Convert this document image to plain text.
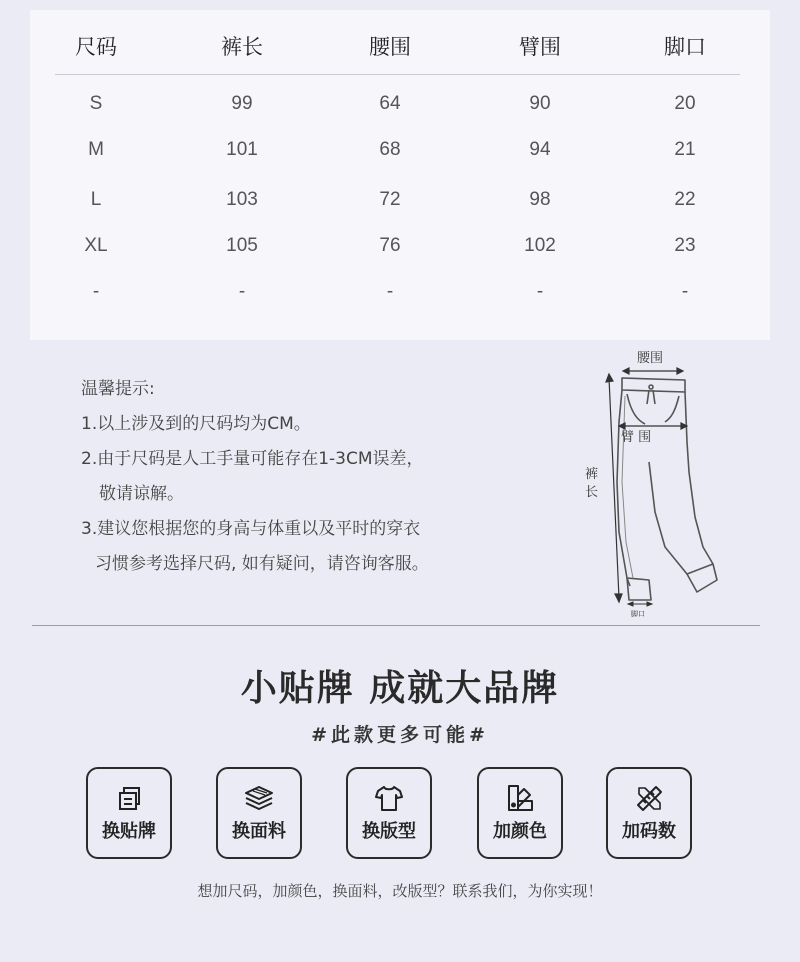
尺码	裤长	腰围	臂围	脚口
S	99	64	90	20
M	101	68	94	21
L	103	72	98	22
XL	105	76	102	23
-	-	-	-	-
温馨提示:
1.以上涉及到的尺码均为CM。
2.由于尺码是人工手量可能存在1-3CM误差，
敬请谅解。
3.建议您根据您的身高与体重以及平时的穿衣
习惯参考选择尺码, 如有疑问，请咨询客服。
腰围
臂 围
裤 长
脚口
小贴牌 成就大品牌
#此款更多可能#
换贴牌	换面料	换版型	加颜色	加码数
想加尺码，加颜色，换面料，改版型？联系我们，为你实现！
